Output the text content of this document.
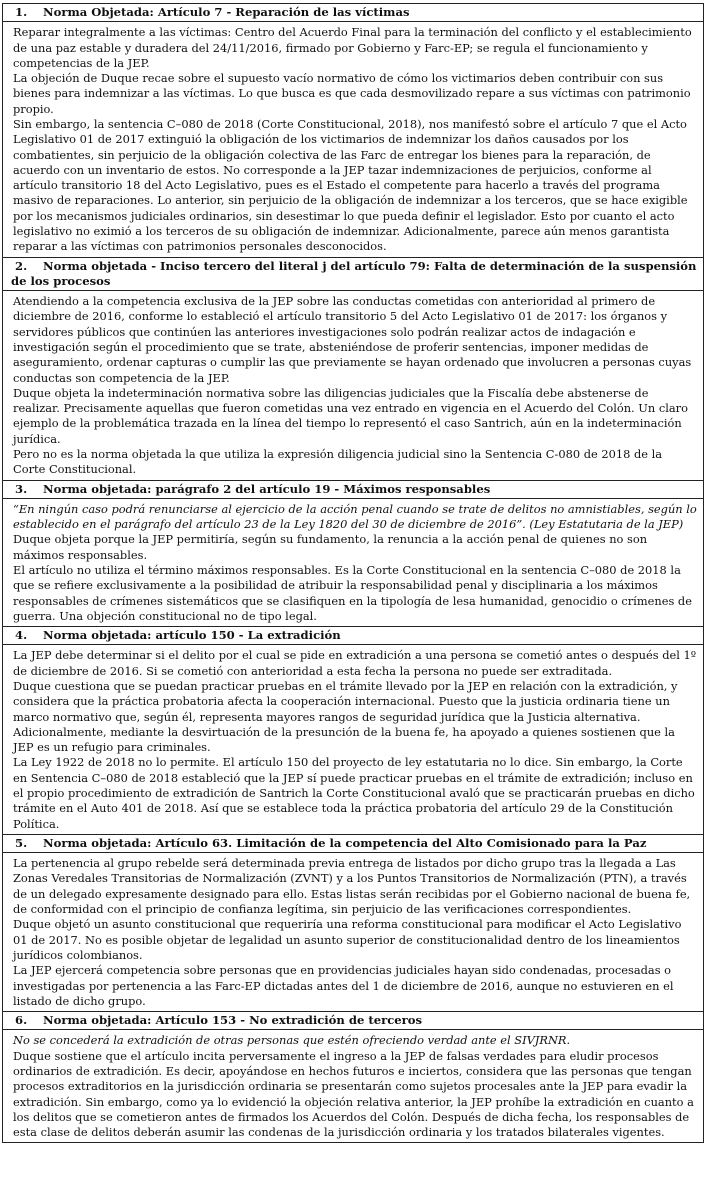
1. Norma Objetada: Artículo 7 - Reparación de las víctimas

Reparar integralmente a las víctimas: Centro del Acuerdo Final para la terminación del conflicto y el establecimiento de una paz estable y duradera del 24/11/2016, firmado por Gobierno y Farc-EP; se regula el funcionamiento y competencias de la JEP.

La objeción de Duque recae sobre el supuesto vacío normativo de cómo los victimarios deben contribuir con sus bienes para indemnizar a las víctimas. Lo que busca es que cada desmovilizado repare a sus víctimas con patrimonio propio.

Sin embargo, la sentencia C–080 de 2018 (Corte Constitucional, 2018), nos manifestó sobre el artículo 7 que el Acto Legislativo 01 de 2017 extinguió la obligación de los victimarios de indemnizar los daños causados por los combatientes, sin perjuicio de la obligación colectiva de las Farc de entregar los bienes para la reparación, de acuerdo con un inventario de estos. No corresponde a la JEP tazar indemnizaciones de perjuicios, conforme al artículo transitorio 18 del Acto Legislativo, pues es el Estado el competente para hacerlo a través del programa masivo de reparaciones. Lo anterior, sin perjuicio de la obligación de indemnizar a los terceros, que se hace exigible por los mecanismos judiciales ordinarios, sin desestimar lo que pueda definir el legislador. Esto por cuanto el acto legislativo no eximió a los terceros de su obligación de indemnizar. Adicionalmente, parece aún menos garantista reparar a las víctimas con patrimonios personales desconocidos.

2. Norma objetada - Inciso tercero del literal j del artículo 79: Falta de determinación de la suspensión de los procesos

Atendiendo a la competencia exclusiva de la JEP sobre las conductas cometidas con anterioridad al primero de diciembre de 2016, conforme lo estableció el artículo transitorio 5 del Acto Legislativo 01 de 2017: los órganos y servidores públicos que continúen las anteriores investigaciones solo podrán realizar actos de indagación e investigación según el procedimiento que se trate, absteniéndose de proferir sentencias, imponer medidas de aseguramiento, ordenar capturas o cumplir las que previamente se hayan ordenado que involucren a personas cuyas conductas son competencia de la JEP.

Duque objeta la indeterminación normativa sobre las diligencias judiciales que la Fiscalía debe abstenerse de realizar. Precisamente aquellas que fueron cometidas una vez entrado en vigencia en el Acuerdo del Colón. Un claro ejemplo de la problemática trazada en la línea del tiempo lo representó el caso Santrich, aún en la indeterminación jurídica.

Pero no es la norma objetada la que utiliza la expresión diligencia judicial sino la Sentencia C-080 de 2018 de la Corte Constitucional.

3. Norma objetada: parágrafo 2 del artículo 19 - Máximos responsables

“En ningún caso podrá renunciarse al ejercicio de la acción penal cuando se trate de delitos no amnistiables, según lo establecido en el parágrafo del artículo 23 de la Ley 1820 del 30 de diciembre de 2016”. (Ley Estatutaria de la JEP)

Duque objeta porque la JEP permitiría, según su fundamento, la renuncia a la acción penal de quienes no son máximos responsables.

El artículo no utiliza el término máximos responsables. Es la Corte Constitucional en la sentencia C–080 de 2018 la que se refiere exclusivamente a la posibilidad de atribuir la responsabilidad penal y disciplinaria a los máximos responsables de crímenes sistemáticos que se clasifiquen en la tipología de lesa humanidad, genocidio o crímenes de guerra. Una objeción constitucional no de tipo legal.

4. Norma objetada: artículo 150 - La extradición

La JEP debe determinar si el delito por el cual se pide en extradición a una persona se cometió antes o después del 1º de diciembre de 2016. Si se cometió con anterioridad a esta fecha la persona no puede ser extraditada.

Duque cuestiona que se puedan practicar pruebas en el trámite llevado por la JEP en relación con la extradición, y considera que la práctica probatoria afecta la cooperación internacional. Puesto que la justicia ordinaria tiene un marco normativo que, según él, representa mayores rangos de seguridad jurídica que la Justicia alternativa. Adicionalmente, mediante la desvirtuación de la presunción de la buena fe, ha apoyado a quienes sostienen que la JEP es un refugio para criminales.

La Ley 1922 de 2018 no lo permite. El artículo 150 del proyecto de ley estatutaria no lo dice. Sin embargo, la Corte en Sentencia C–080 de 2018 estableció que la JEP sí puede practicar pruebas en el trámite de extradición; incluso en el propio procedimiento de extradición de Santrich la Corte Constitucional avaló que se practicarán pruebas en dicho trámite en el Auto 401 de 2018. Así que se establece toda la práctica probatoria del artículo 29 de la Constitución Política.

5. Norma objetada: Artículo 63. Limitación de la competencia del Alto Comisionado para la Paz

La pertenencia al grupo rebelde será determinada previa entrega de listados por dicho grupo tras la llegada a Las Zonas Veredales Transitorias de Normalización (ZVNT) y a los Puntos Transitorios de Normalización (PTN), a través de un delegado expresamente designado para ello. Estas listas serán recibidas por el Gobierno nacional de buena fe, de conformidad con el principio de confianza legítima, sin perjuicio de las verificaciones correspondientes.

Duque objetó un asunto constitucional que requeriría una reforma constitucional para modificar el Acto Legislativo 01 de 2017. No es posible objetar de legalidad un asunto superior de constitucionalidad dentro de los lineamientos jurídicos colombianos.

La JEP ejercerá competencia sobre personas que en providencias judiciales hayan sido condenadas, procesadas o investigadas por pertenencia a las Farc-EP dictadas antes del 1 de diciembre de 2016, aunque no estuvieren en el listado de dicho grupo.

6. Norma objetada: Artículo 153 - No extradición de terceros

No se concederá la extradición de otras personas que estén ofreciendo verdad ante el SIVJRNR.

Duque sostiene que el artículo incita perversamente el ingreso a la JEP de falsas verdades para eludir procesos ordinarios de extradición. Es decir, apoyándose en hechos futuros e inciertos, considera que las personas que tengan procesos extraditorios en la jurisdicción ordinaria se presentarán como sujetos procesales ante la JEP para evadir la extradición. Sin embargo, como ya lo evidenció la objeción relativa anterior, la JEP prohíbe la extradición en cuanto a los delitos que se cometieron antes de firmados los Acuerdos del Colón. Después de dicha fecha, los responsables de esta clase de delitos deberán asumir las condenas de la jurisdicción ordinaria y los tratados bilaterales vigentes.
